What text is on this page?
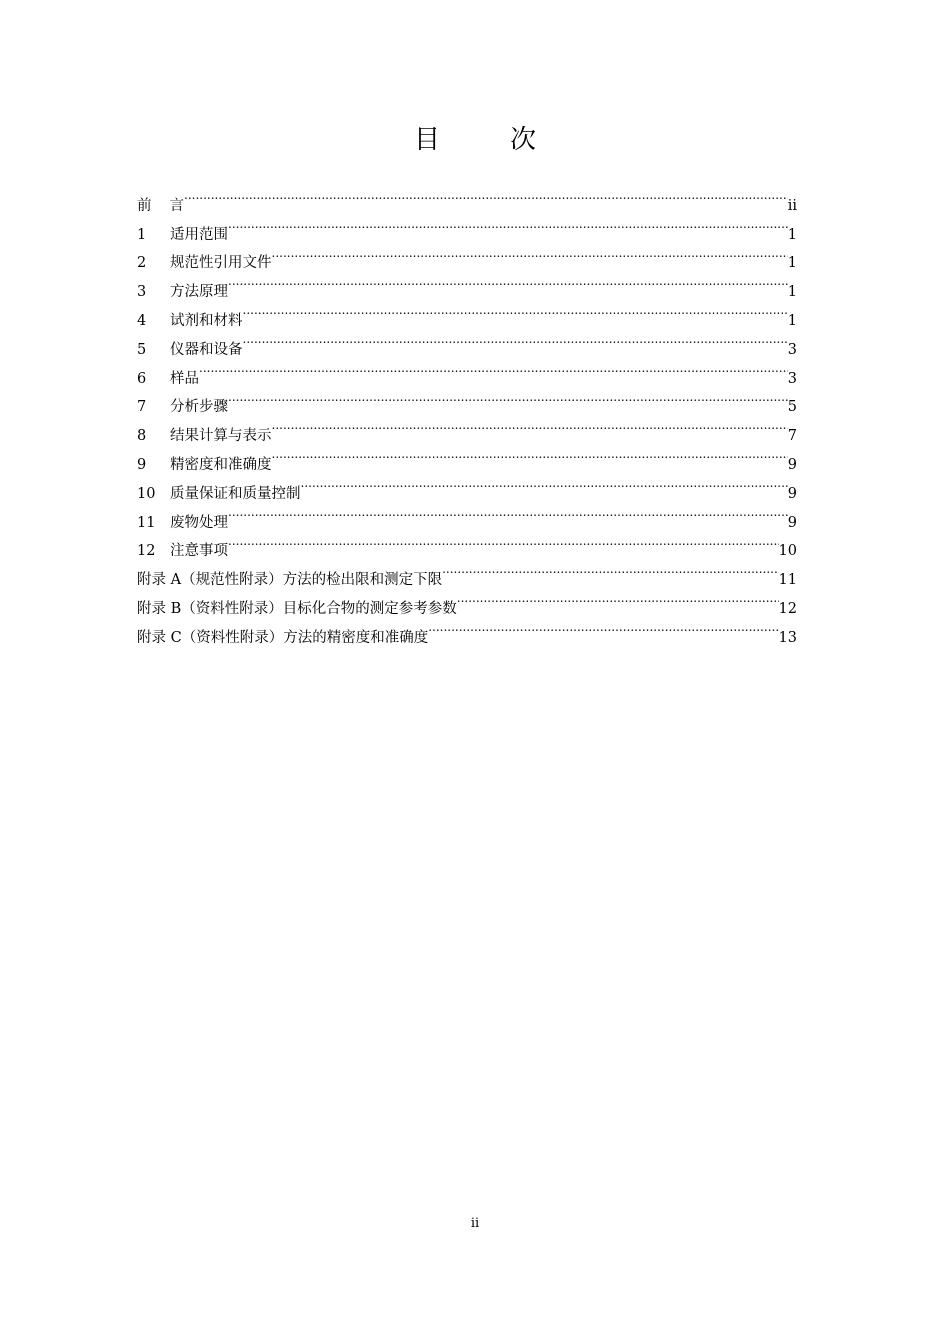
目　次
前 言 .....	ii
1	适用范围 .....	1
2	规范性引用文件 .....	1
3	方法原理 .....	1
4	试剂和材料 .....	1
5	仪器和设备 .....	3
6	样品 .....	3
7	分析步骤 .....	5
8	结果计算与表示 .....	7
9	精密度和准确度 .....	9
10	质量保证和质量控制 .....	9
11	废物处理 .....	9
12	注意事项 .....	10
附录 A（规范性附录）方法的检出限和测定下限 .....	11
附录 B（资料性附录）目标化合物的测定参考参数 .....	12
附录 C（资料性附录）方法的精密度和准确度 .....	13
ii
